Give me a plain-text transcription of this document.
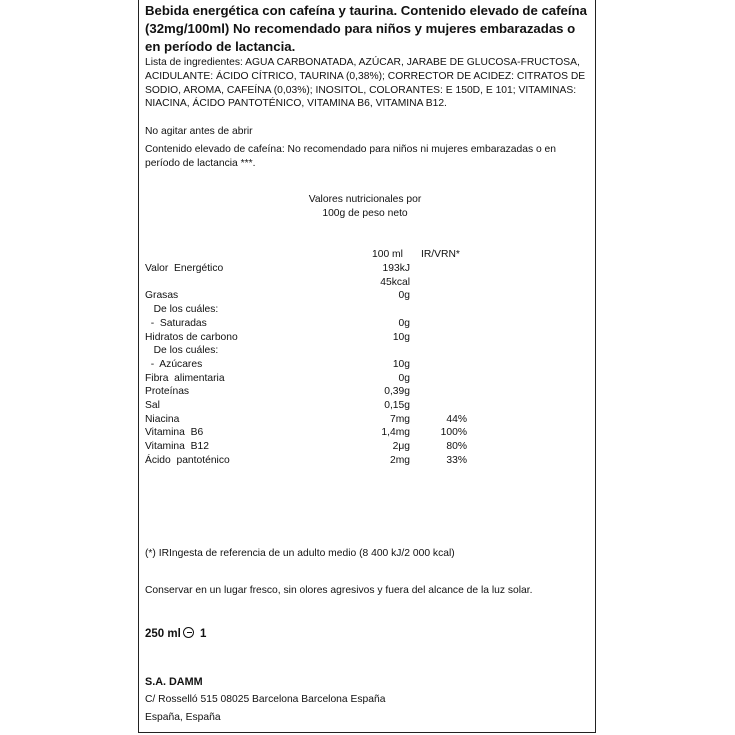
Bebida energética con cafeína y taurina. Contenido elevado de cafeína (32mg/100ml) No recomendado para niños y mujeres embarazadas o en período de lactancia.

Lista de ingredientes: AGUA CARBONATADA, AZÚCAR, JARABE DE GLUCOSA-FRUCTOSA, ACIDULANTE: ÁCIDO CÍTRICO, TAURINA (0,38%); CORRECTOR DE ACIDEZ: CITRATOS DE SODIO, AROMA, CAFEÍNA (0,03%); INOSITOL, COLORANTES: E 150D, E 101; VITAMINAS: NIACINA, ÁCIDO PANTOTÉNICO, VITAMINA B6, VITAMINA B12.

No agitar antes de abrir

Contenido elevado de cafeína: No recomendado para niños ni mujeres embarazadas o en período de lactancia ***.

Valores nutricionales por
100g de peso neto
100 ml IR/VRN*
Valor  Energético	193kJ
45kcal
Grasas	0g
De los cuáles:
-  Saturadas	0g
Hidratos de carbono	10g
De los cuáles:
-  Azúcares	10g
Fibra  alimentaria	0g
Proteínas	0,39g
Sal	0,15g
Niacina	7mg	44%
Vitamina  B6	1,4mg	100%
Vitamina  B12	2μg	80%
Ácido  pantoténico	2mg	33%

(*) IRIngesta de referencia de un adulto medio (8 400 kJ/2 000 kcal)

Conservar en un lugar fresco, sin olores agresivos y fuera del alcance de la luz solar.

250 ml 1
S.A. DAMM
C/ Rosselló 515 08025 Barcelona Barcelona España
España, España
